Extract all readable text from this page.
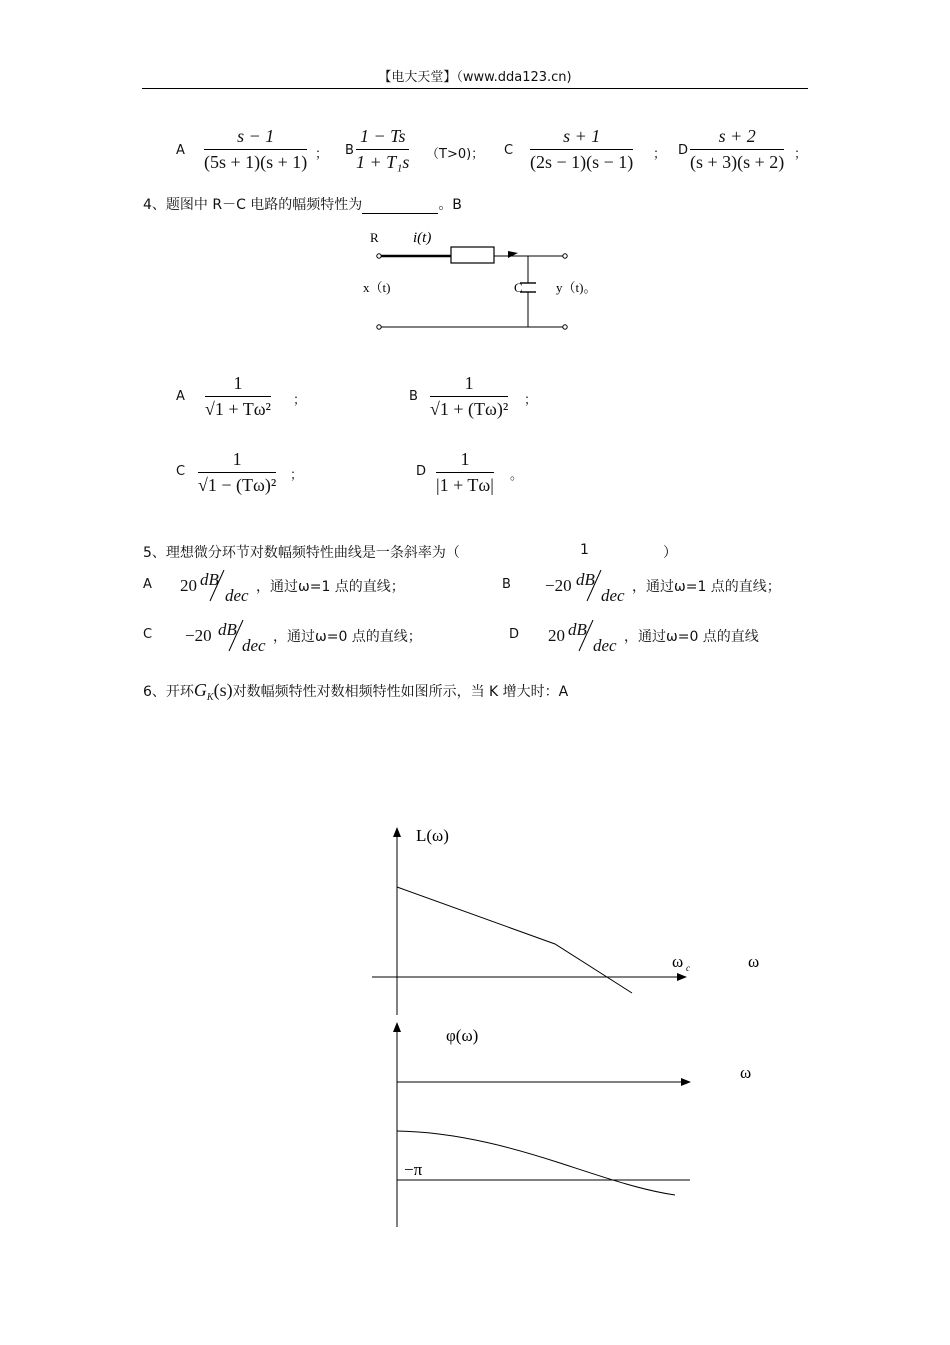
【电大天堂】（www.dda123.cn)
A
s − 1
(5s + 1)(s + 1) ； B
1 − Ts
1 + T₁s （T>0)； C
s + 1
(2s − 1)(s − 1) ； D
s + 2
(s + 3)(s + 2) ；
4、题图中 R－C 电路的幅频特性为	。B
R i(t)
x（t)	C	y（t)。
A
1
√1 + Tω² ；	B
1
√1 + (Tω)² ；
C
1
√1 − (Tω)² ；	D
1
|1 + Tω| 。
5、理想微分环节对数幅频特性曲线是一条斜率为（	1	）
A 20 dB
dec ，通过ω=1 点的直线；	B −20 dB
dec ，通过ω=1 点的直线；
C −20 dB
dec ，通过ω=0 点的直线；	D 20 dB
dec ，通过ω=0 点的直线
6、开环$G_K(s)$对数幅频特性对数相频特性如图所示，当 K 增大时：A
L(ω)
ω c	ω
φ(ω)
ω
−π
